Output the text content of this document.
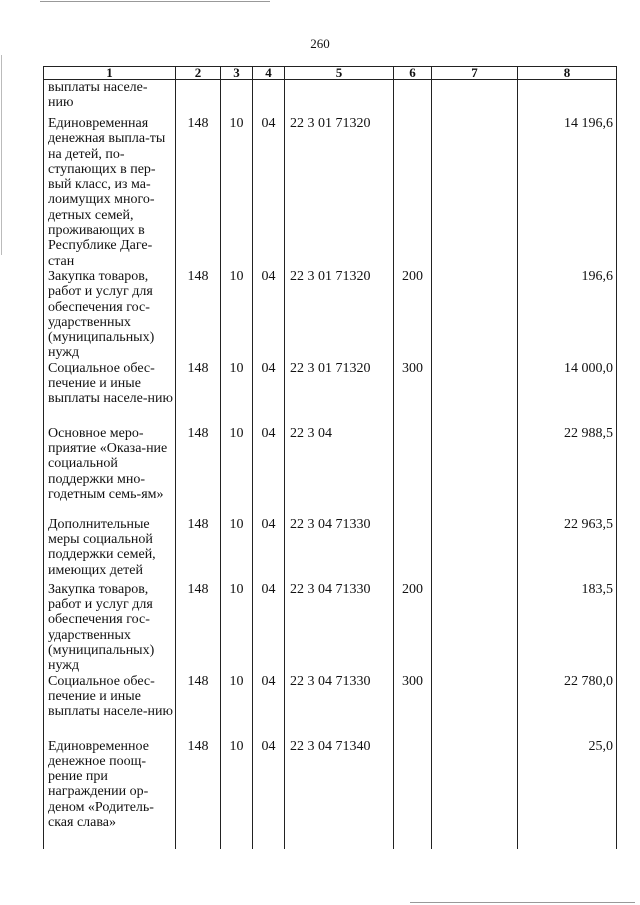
260
1	2	3	4	5	6	7	8
выплаты населе-
нию							
Единовременная денежная выпла-ты на детей, по-ступающих в пер-вый класс, из ма-лоимущих много-детных семей, проживающих в Республике Даге-стан	148	10	04	22 3 01 71320			14 196,6
Закупка товаров, работ и услуг для обеспечения гос-ударственных (муниципальных) нужд	148	10	04	22 3 01 71320	200		196,6
Социальное обес-печение и иные выплаты населе-нию	148	10	04	22 3 01 71320	300		14 000,0
Основное меро-приятие «Оказа-ние социальной поддержки мно-годетным семь-ям»	148	10	04	22 3 04			22 988,5
Дополнительные меры социальной поддержки семей, имеющих детей	148	10	04	22 3 04 71330			22 963,5
Закупка товаров, работ и услуг для обеспечения гос-ударственных (муниципальных) нужд	148	10	04	22 3 04 71330	200		183,5
Социальное обес-печение и иные выплаты населе-нию	148	10	04	22 3 04 71330	300		22 780,0
Единовременное денежное поощ-рение при награждении ор-деном «Родитель-ская слава»	148	10	04	22 3 04 71340			25,0
